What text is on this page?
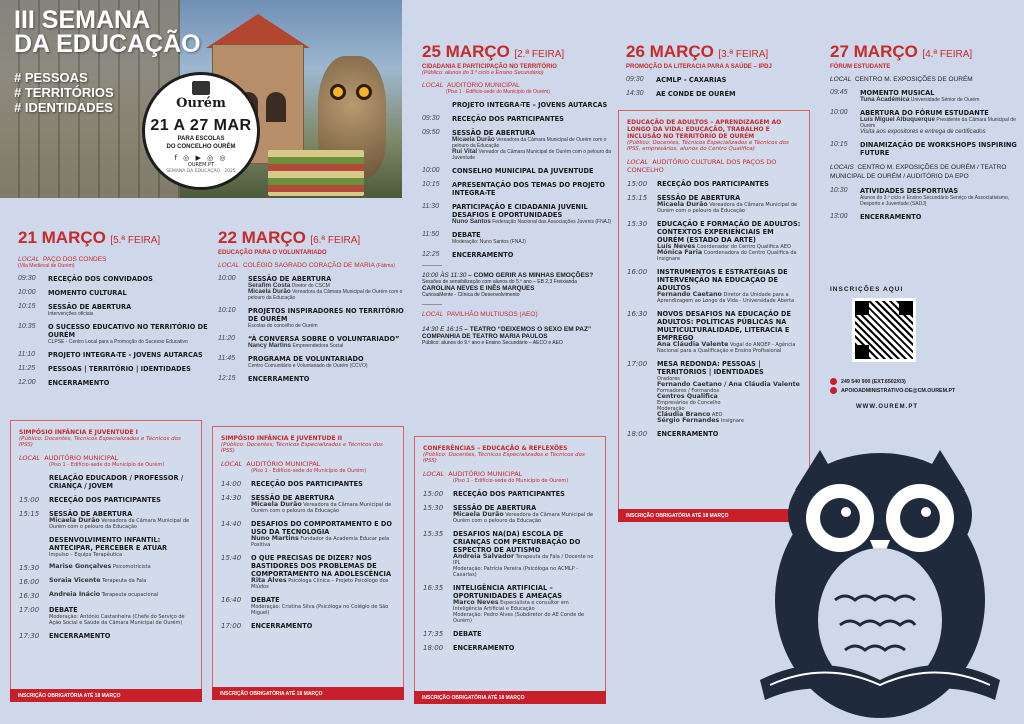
III SEMANA
DA EDUCAÇÃO
# PESSOAS
# TERRITÓRIOS
# IDENTIDADES	Ourém
21 A 27 MAR
PARA ESCOLAS
DO CONCELHO OURÉM
f ◎ ▶ ◎ ◎
OUREM.PT
SEMANA DA EDUCAÇÃO · 2025
21 MARÇO [5.ª FEIRA]
LOCAL PAÇO DOS CONDES
(Vila Medieval de Ourém)
09:30	RECEÇÃO DOS CONVIDADOS
10:00	MOMENTO CULTURAL
10:15	SESSÃO DE ABERTURA
Intervenções oficiais
10:35	O SUCESSO EDUCATIVO NO TERRITÓRIO DE OURÉM
CLPSE - Centro Local para a Promoção do Sucesso Educativo
11:10	PROJETO INTEGRA-TE - JOVENS AUTARCAS
11:25	PESSOAS | TERRITÓRIO | IDENTIDADES
12:00	ENCERRAMENTO
SIMPÓSIO INFÂNCIA E JUVENTUDE I
(Público: Docentes, Técnicos Especializados e Técnicos dos IPSS)
LOCAL AUDITÓRIO MUNICIPAL
(Piso 1 - Edifício-sede do Município de Ourém)
RELAÇÃO EDUCADOR / PROFESSOR / CRIANÇA / JOVEM
15:00	RECEÇÃO DOS PARTICIPANTES
15:15	SESSÃO DE ABERTURA
Micaela Durão Vereadora da Câmara Municipal de Ourém com o pelouro da Educação
DESENVOLVIMENTO INFANTIL: ANTECIPAR, PERCEBER E ATUAR
Impulso – Equipa Terapêutica
15:30	Marise Gonçalves Psicomotricista
16:00	Soraia Vicente Terapeuta da Fala
16:30	Andreia Inácio Terapeuta ocupacional
17:00	DEBATE
Moderação: António Castanheira (Chefe do Serviço de Ação Social e Saúde da Câmara Municipal de Ourém)
17:30	ENCERRAMENTO
INSCRIÇÃO OBRIGATÓRIA ATÉ 18 MARÇO
22 MARÇO [6.ª FEIRA]
EDUCAÇÃO PARA O VOLUNTARIADO
LOCAL COLÉGIO SAGRADO CORAÇÃO DE MARIA (Fátima)
10:00	SESSÃO DE ABERTURA
Serafim Costa Diretor do CSCM
Micaela Durão Vereadora da Câmara Municipal de Ourém com o pelouro da Educação
10:10	PROJETOS INSPIRADORES NO TERRITÓRIO DE OURÉM
Escolas do concelho de Ourém
11:20	“À CONVERSA SOBRE O VOLUNTARIADO”
Nancy Martins Empreendedora Social
11:45	PROGRAMA DE VOLUNTARIADO
Centro Comunitário e Voluntariado de Ourém (CCVO)
12:15	ENCERRAMENTO
SIMPÓSIO INFÂNCIA E JUVENTUDE II
(Público: Docentes, Técnicos Especializados e Técnicos dos IPSS)
LOCAL AUDITÓRIO MUNICIPAL
(Piso 1 - Edifício-sede do Município de Ourém)
14:00	RECEÇÃO DOS PARTICIPANTES
14:30	SESSÃO DE ABERTURA
Micaela Durão Vereadora da Câmara Municipal de Ourém com o pelouro da Educação
14:40	DESAFIOS DO COMPORTAMENTO E DO USO DA TECNOLOGIA
Nuno Martins Fundador da Academia Educar pela Positiva
15:40	O QUE PRECISAS DE DIZER? NOS BASTIDORES DOS PROBLEMAS DE COMPORTAMENTO NA ADOLESCÊNCIA
Rita Alves Psicóloga Clínica – Projeto Psicólogo dos Miúdos
16:40	DEBATE
Moderação: Cristina Silva (Psicóloga no Colégio de São Miguel)
17:00	ENCERRAMENTO
INSCRIÇÃO OBRIGATÓRIA ATÉ 18 MARÇO
25 MARÇO [2.ª FEIRA]
CIDADANIA E PARTICIPAÇÃO NO TERRITÓRIO
(Público: alunos do 3.º ciclo e Ensino Secundário)
LOCAL AUDITÓRIO MUNICIPAL
(Piso 1 - Edifício-sede do Município de Ourém)
PROJETO INTEGRA-TE – JOVENS AUTARCAS
09:30	RECEÇÃO DOS PARTICIPANTES
09:50	SESSÃO DE ABERTURA
Micaela Durão Vereadora da Câmara Municipal de Ourém com o pelouro da Educação
Rui Vital Vereador da Câmara Municipal de Ourém com o pelouro da Juventude
10:00	CONSELHO MUNICIPAL DA JUVENTUDE
10:15	APRESENTAÇÃO DOS TEMAS DO PROJETO INTEGRA-TE
11:30	PARTICIPAÇÃO E CIDADANIA JUVENIL DESAFIOS E OPORTUNIDADES
Nuno Santos Federação Nacional das Associações Juvenis (FNAJ)
11:50	DEBATE
Moderação: Nuno Santos (FNAJ)
12:25	ENCERRAMENTO
----------
10:00 ÀS 11:30 – COMO GERIR AS MINHAS EMOÇÕES?
Sessões de sensibilização com alunos do 5.º ano – EB 2,3 Freixianda
CAROLINA NEVES E INÊS MARQUES
CuriosaMente - Clínica de Desenvolvimento
----------
LOCAL PAVILHÃO MULTIUSOS (AEO)
14:30 E 16:15 – TEATRO “DEIXEMOS O SEXO EM PAZ”
COMPANHIA DE TEATRO MARIA PAULOS
Público: alunos do 9.º ano e Ensino Secundário – AECO e AEO
CONFERÊNCIAS – EDUCAÇÃO & REFLEXÕES
(Público: Docentes, Técnicos Especializados e Técnicos dos IPSS)
LOCAL AUDITÓRIO MUNICIPAL
(Piso 1 - Edifício-sede do Município de Ourém)
15:00	RECEÇÃO DOS PARTICIPANTES
15:30	SESSÃO DE ABERTURA
Micaela Durão Vereadora da Câmara Municipal de Ourém com o pelouro da Educação
15:35	DESAFIOS NA(DA) ESCOLA DE CRIANÇAS COM PERTURBAÇÃO DO ESPECTRO DE AUTISMO
Andreia Salvador Terapeuta da Fala / Docente no IPL
Moderação: Patrícia Pereira (Psicóloga no ACMLP - Caxarias)
16:35	INTELIGÊNCIA ARTIFICIAL – OPORTUNIDADES E AMEAÇAS
Marco Neves Especialista e consultor em Inteligência Artificial e Educação
Moderação: Pedro Alves (Subdiretor do AE Conde de Ourém)
17:35	DEBATE
18:00	ENCERRAMENTO
INSCRIÇÃO OBRIGATÓRIA ATÉ 18 MARÇO
26 MARÇO [3.ª FEIRA]
PROMOÇÃO DA LITERACIA PARA A SAÚDE – IPDJ
09:30	ACMLP - CAXARIAS
14:30	AE CONDE DE OURÉM
EDUCAÇÃO DE ADULTOS – APRENDIZAGEM AO LONGO DA VIDA: EDUCAÇÃO, TRABALHO E INCLUSÃO NO TERRITÓRIO DE OURÉM
(Público: Docentes, Técnicos Especializados e Técnicos dos IPSS, empresários, alunos do Centro Qualifica)
LOCAL AUDITÓRIO CULTURAL DOS PAÇOS DO CONCELHO
15:00	RECEÇÃO DOS PARTICIPANTES
15:15	SESSÃO DE ABERTURA
Micaela Durão Vereadora da Câmara Municipal de Ourém com o pelouro da Educação
15:30	EDUCAÇÃO E FORMAÇÃO DE ADULTOS: CONTEXTOS EXPERIENCIAIS EM OURÉM (ESTADO DA ARTE)
Luís Neves Coordenador do Centro Qualifica AEO
Mónica Faria Coordenadora do Centro Qualifica da Insignare
16:00	INSTRUMENTOS E ESTRATÉGIAS DE INTERVENÇÃO NA EDUCAÇÃO DE ADULTOS
Fernando Caetano Diretor da Unidade para a Aprendizagem ao Longo da Vida - Universidade Aberta
16:30	NOVOS DESAFIOS NA EDUCAÇÃO DE ADULTOS: POLÍTICAS PÚBLICAS NA MULTICULTURALIDADE, LITERACIA E EMPREGO
Ana Cláudia Valente Vogal do ANQEP - Agência Nacional para a Qualificação e Ensino Profissional
17:00	MESA REDONDA: PESSOAS | TERRITÓRIOS | IDENTIDADES
Oradores
Fernando Caetano / Ana Cláudia Valente
Formadores / Formandos
Centros Qualifica
Empresários do Concelho
Moderação
Cláudia Branco AEO
Sérgio Fernandes Insignare
18:00	ENCERRAMENTO
INSCRIÇÃO OBRIGATÓRIA ATÉ 18 MARÇO
27 MARÇO [4.ª FEIRA]
FÓRUM ESTUDANTE
LOCAL CENTRO M. EXPOSIÇÕES DE OURÉM
09:45	MOMENTO MUSICAL
Tuna Académica Universidade Sénior de Ourém
10:00	ABERTURA DO FÓRUM ESTUDANTE
Luís Miguel Albuquerque Presidente da Câmara Municipal de Ourém
Visita aos expositores e entrega de certificados
10:15	DINAMIZAÇÃO DE WORKSHOPS INSPIRING FUTURE
LOCAIS CENTRO M. EXPOSIÇÕES DE OURÉM / TEATRO MUNICIPAL DE OURÉM / AUDITÓRIO DA EPO
10:30	ATIVIDADES DESPORTIVAS
Alunos do 3.º ciclo e Ensino Secundário Serviço de Associativismo, Desporto e Juventude (SADJ)
13:00	ENCERRAMENTO
INSCRIÇÕES AQUI
249 540 900 (EXT.6502/03)
APOIOADMINISTRATIVO-DE@CM.OUREM.PT
WWW.OUREM.PT
